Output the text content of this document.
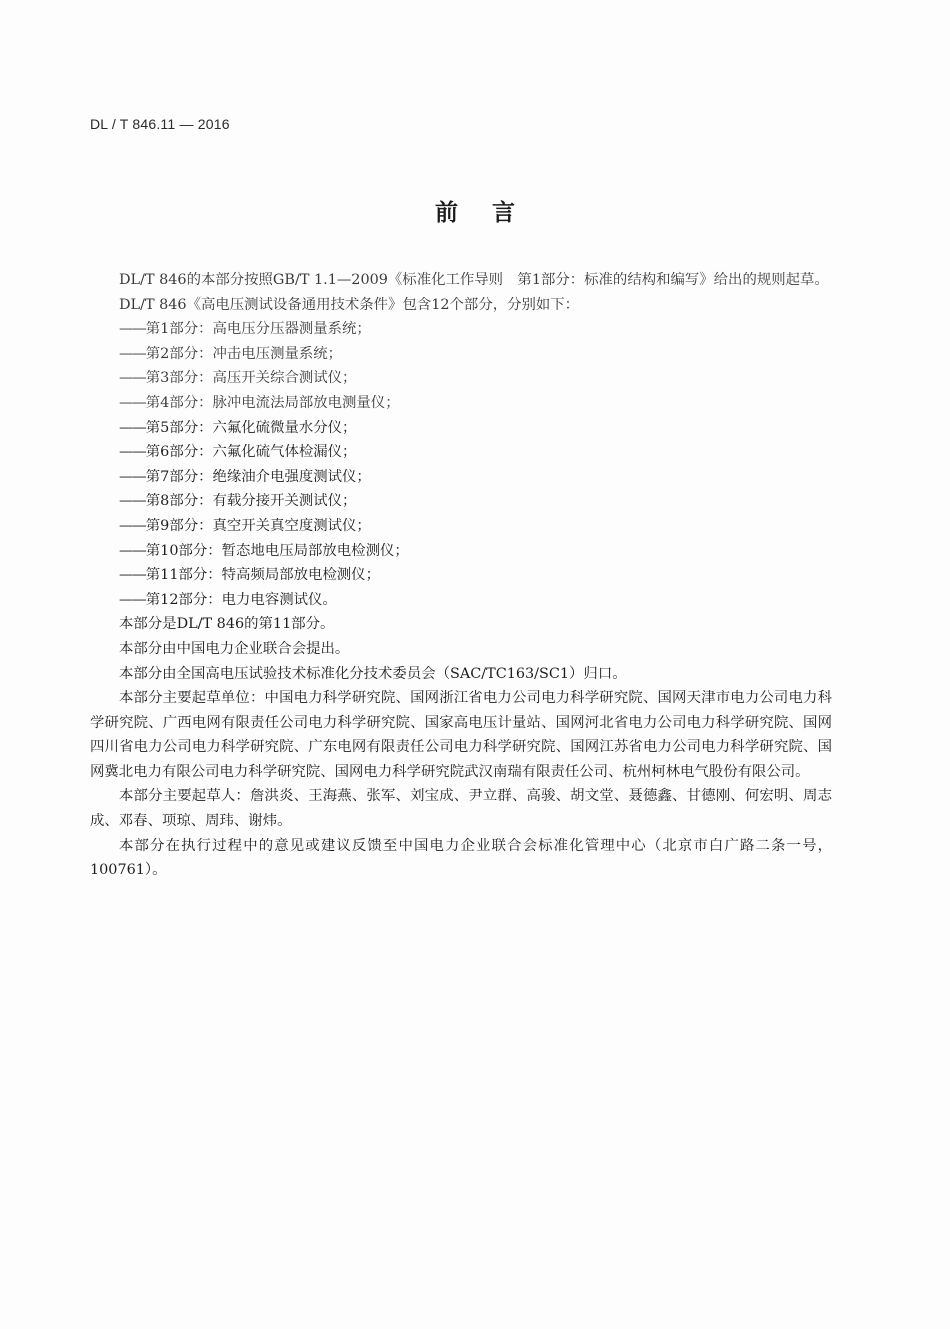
DL / T 846.11 — 2016
前言

DL/T 846的本部分按照GB/T 1.1—2009《标准化工作导则　第1部分：标准的结构和编写》给出的规则起草。

DL/T 846《高电压测试设备通用技术条件》包含12个部分，分别如下：

——第1部分：高电压分压器测量系统；

——第2部分：冲击电压测量系统；

——第3部分：高压开关综合测试仪；

——第4部分：脉冲电流法局部放电测量仪；

——第5部分：六氟化硫微量水分仪；

——第6部分：六氟化硫气体检漏仪；

——第7部分：绝缘油介电强度测试仪；

——第8部分：有载分接开关测试仪；

——第9部分：真空开关真空度测试仪；

——第10部分：暂态地电压局部放电检测仪；

——第11部分：特高频局部放电检测仪；

——第12部分：电力电容测试仪。

本部分是DL/T 846的第11部分。

本部分由中国电力企业联合会提出。

本部分由全国高电压试验技术标准化分技术委员会（SAC/TC163/SC1）归口。

本部分主要起草单位：中国电力科学研究院、国网浙江省电力公司电力科学研究院、国网天津市电力公司电力科学研究院、广西电网有限责任公司电力科学研究院、国家高电压计量站、国网河北省电力公司电力科学研究院、国网四川省电力公司电力科学研究院、广东电网有限责任公司电力科学研究院、国网江苏省电力公司电力科学研究院、国网冀北电力有限公司电力科学研究院、国网电力科学研究院武汉南瑞有限责任公司、杭州柯林电气股份有限公司。

本部分主要起草人：詹洪炎、王海燕、张军、刘宝成、尹立群、高骏、胡文堂、聂德鑫、甘德刚、何宏明、周志成、邓春、项琼、周玮、谢炜。

本部分在执行过程中的意见或建议反馈至中国电力企业联合会标准化管理中心（北京市白广路二条一号，100761）。
